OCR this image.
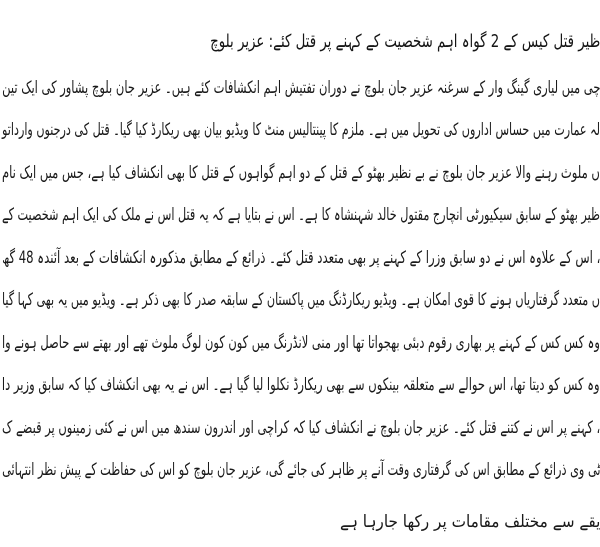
ظیر قتل کیس کے 2 گواہ اہم شخصیت کے کہنے پر قتل کئے: عزیر بلوچ
چی میں لیاری گینگ وار کے سرغنہ عزیر جان بلوچ نے دوران تفتیش اہم انکشافات کئے ہیں۔ عزیر جان بلوچ پشاور کی ایک تین
لہ عمارت میں حساس اداروں کی تحویل میں ہے۔ ملزم کا پینتالیس منٹ کا ویڈیو بیان بھی ریکارڈ کیا گیا۔ قتل کی درجنوں وارداتو
ں ملوث رہنے والا عزیر جان بلوچ نے بے نظیر بھٹو کے قتل کے دو اہم گواہوں کے قتل کا بھی انکشاف کیا ہے، جس میں ایک نام
ظیر بھٹو کے سابق سیکیورٹی انچارج مقتول خالد شہنشاہ کا ہے۔ اس نے بتایا ہے کہ یہ قتل اس نے ملک کی ایک اہم شخصیت کے
، اس کے علاوہ اس نے دو سابق وزرا کے کہنے پر بھی متعدد قتل کئے۔ ذرائع کے مطابق مذکورہ انکشافات کے بعد آئندہ 48 گھ
ں متعدد گرفتاریاں ہونے کا قوی امکان ہے۔ ویڈیو ریکارڈنگ میں پاکستان کے سابقہ صدر کا بھی ذکر ہے۔ ویڈیو میں یہ بھی کہا گیا
وہ کس کس کے کہنے پر بھاری رقوم دبئی بھجواتا تھا اور منی لانڈرنگ میں کون کون لوگ ملوث تھے اور بھتے سے حاصل ہونے وا
وہ کس کو دیتا تھا، اس حوالے سے متعلقہ بینکوں سے بھی ریکارڈ نکلوا لیا گیا ہے۔ اس نے یہ بھی انکشاف کیا کہ سابق وزیر دا
، کہنے پر اس نے کتنے قتل کئے۔ عزیر جان بلوچ نے انکشاف کیا کہ کراچی اور اندرون سندھ میں اس نے کئی زمینوں پر قبضے ک
ٹی وی ذرائع کے مطابق اس کی گرفتاری وقت آنے پر ظاہر کی جائے گی، عزیر جان بلوچ کو اس کی حفاظت کے پیش نظر انتہائی
یقے سے مختلف مقامات پر رکھا جارہا ہے
